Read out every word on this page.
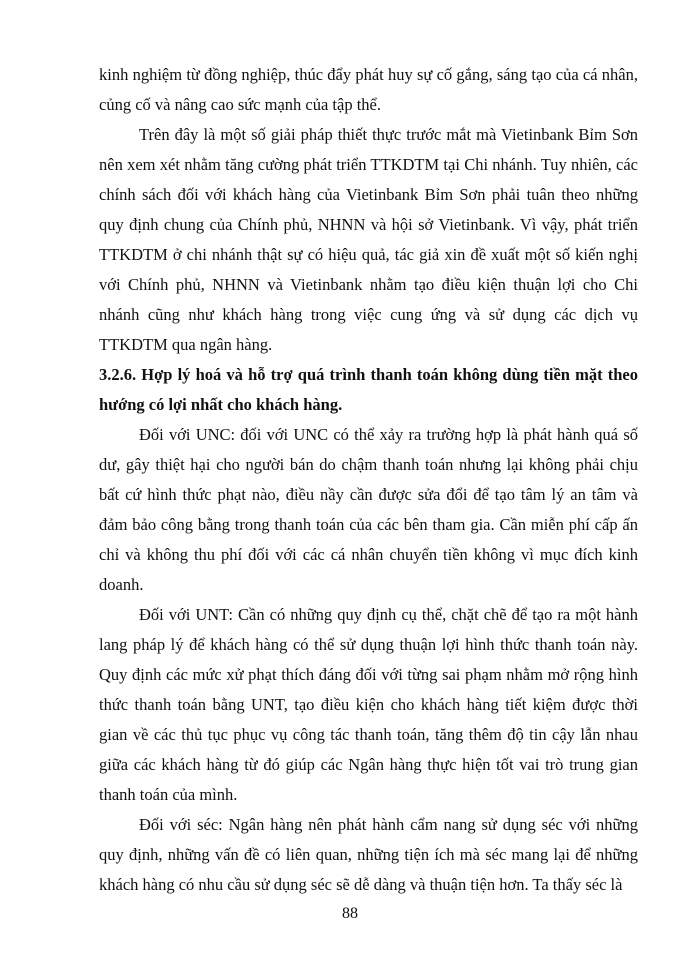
kinh nghiệm từ đồng nghiệp, thúc đẩy phát huy sự cố gắng, sáng tạo của cá nhân, củng cố và nâng cao sức mạnh của tập thể.

Trên đây là một số giải pháp thiết thực trước mắt mà Vietinbank Bỉm Sơn nên xem xét nhằm tăng cường phát triển TTKDTM tại Chi nhánh. Tuy nhiên, các chính sách đối với khách hàng của Vietinbank Bỉm Sơn phải tuân theo những quy định chung của Chính phủ, NHNN và hội sở Vietinbank. Vì vậy, phát triển TTKDTM ở chi nhánh thật sự có hiệu quả, tác giả xin đề xuất một số kiến nghị với Chính phủ, NHNN và Vietinbank nhằm tạo điều kiện thuận lợi cho Chi nhánh cũng như khách hàng trong việc cung ứng và sử dụng các dịch vụ TTKDTM qua ngân hàng.

3.2.6. Hợp lý hoá và hỗ trợ quá trình thanh toán không dùng tiền mặt theo hướng có lợi nhất cho khách hàng.

Đối với UNC: đối với UNC có thể xảy ra trường hợp là phát hành quá số dư, gây thiệt hại cho người bán do chậm thanh toán nhưng lại không phải chịu bất cứ hình thức phạt nào, điều nầy cần được sửa đổi để tạo tâm lý an tâm và đảm bảo công bằng trong thanh toán của các bên tham gia. Cần miễn phí cấp ấn chỉ và không thu phí đối với các cá nhân chuyển tiền không vì mục đích kinh doanh.

Đối với UNT: Cần có những quy định cụ thể, chặt chẽ để tạo ra một hành lang pháp lý để khách hàng có thể sử dụng thuận lợi hình thức thanh toán này. Quy định các mức xử phạt thích đáng đối với từng sai phạm nhằm mở rộng hình thức thanh toán bằng UNT, tạo điều kiện cho khách hàng tiết kiệm được thời gian về các thủ tục phục vụ công tác thanh toán, tăng thêm độ tin cậy lẫn nhau giữa các khách hàng từ đó giúp các Ngân hàng thực hiện tốt vai trò trung gian thanh toán của mình.

Đối với séc: Ngân hàng nên phát hành cẩm nang sử dụng séc với những quy định, những vấn đề có liên quan, những tiện ích mà séc mang lại để những khách hàng có nhu cầu sử dụng séc sẽ dễ dàng và thuận tiện hơn. Ta thấy séc là

88
